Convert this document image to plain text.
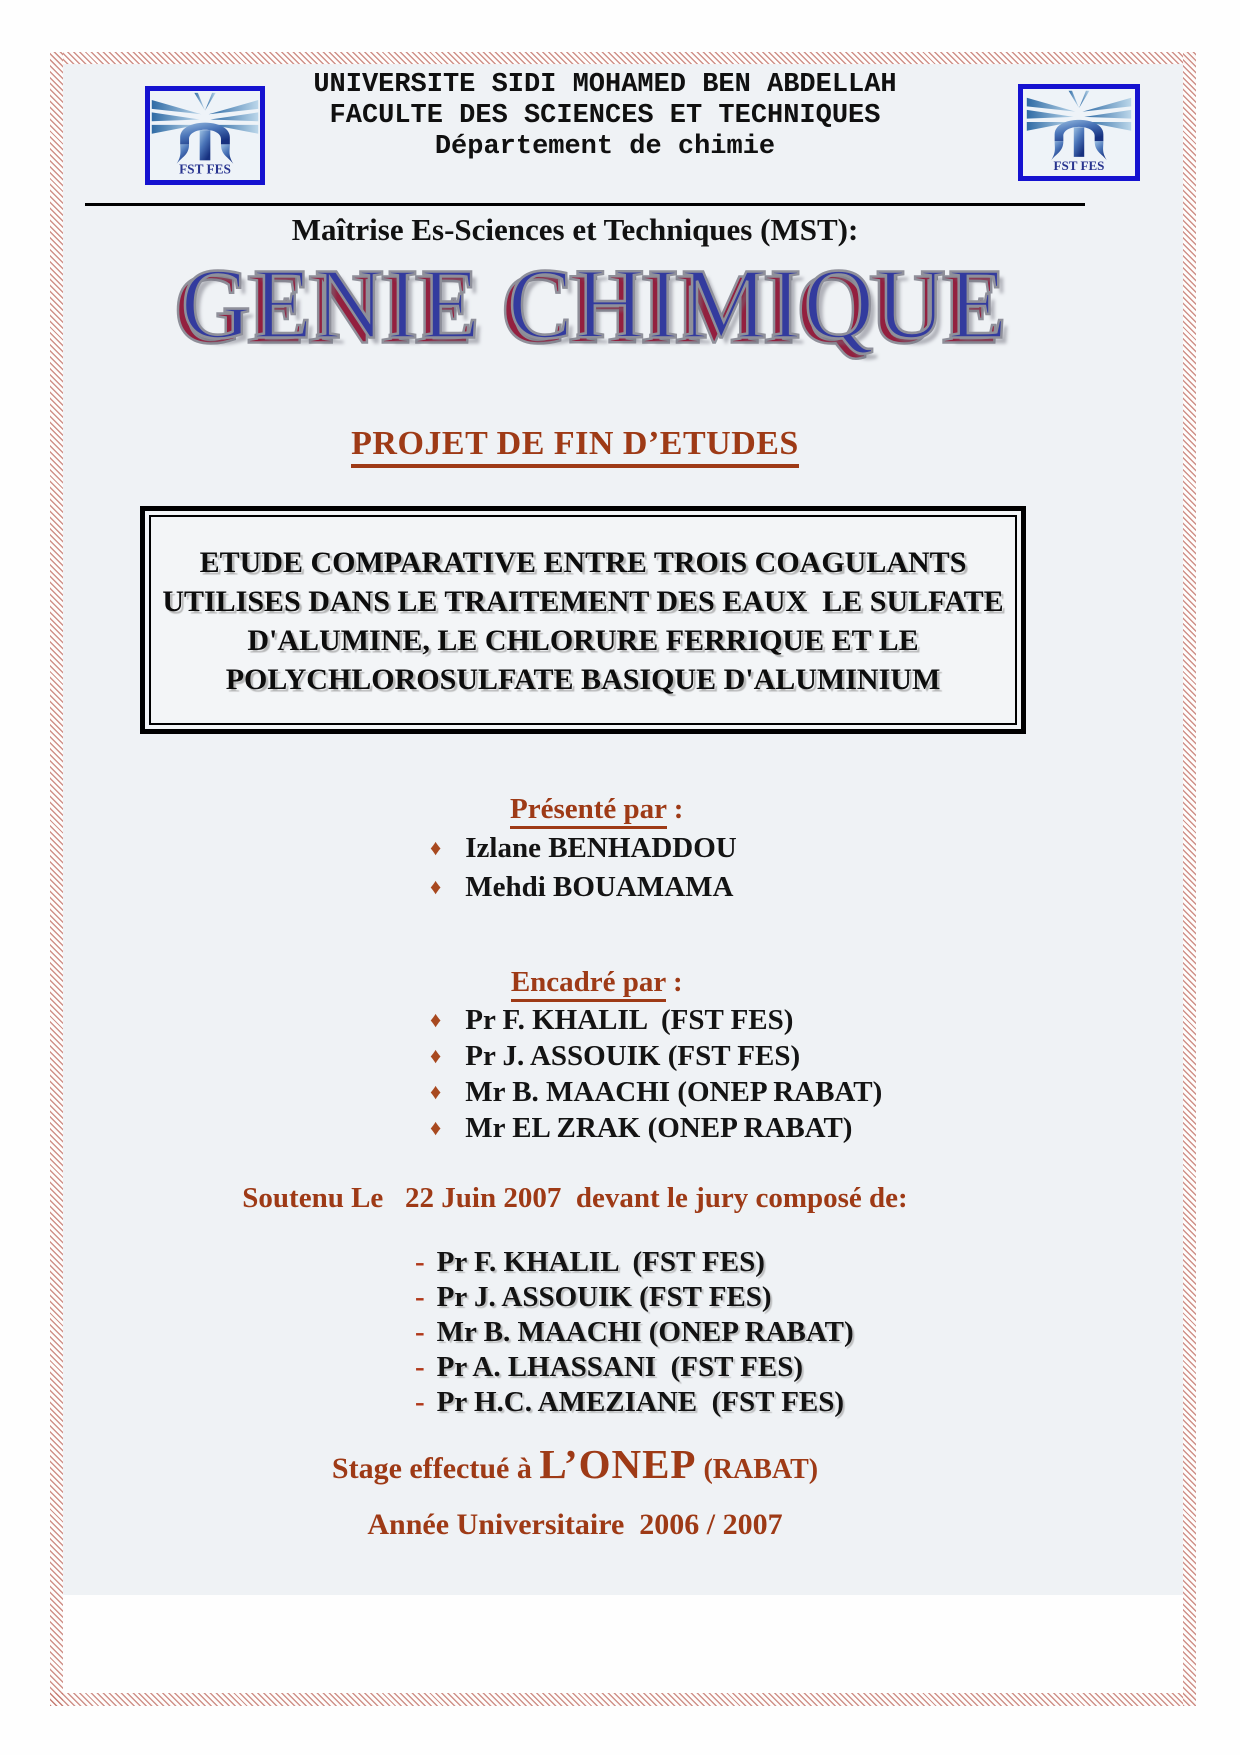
FST FES	FST FES
UNIVERSITE SIDI MOHAMED BEN ABDELLAH
FACULTE DES SCIENCES ET TECHNIQUES
Département de chimie
Maîtrise Es-Sciences et Techniques (MST):
GENIE CHIMIQUE GENIE CHIMIQUE
PROJET DE FIN D’ETUDES
ETUDE COMPARATIVE ENTRE TROIS COAGULANTS
UTILISES DANS LE TRAITEMENT DES EAUX  LE SULFATE
D'ALUMINE, LE CHLORURE FERRIQUE ET LE
POLYCHLOROSULFATE BASIQUE D'ALUMINIUM

Présenté par :

♦ Izlane BENHADDOU
♦ Mehdi BOUAMAMA

Encadré par :

♦ Pr F. KHALIL  (FST FES)
♦ Pr J. ASSOUIK (FST FES)
♦ Mr B. MAACHI (ONEP RABAT)
♦ Mr EL ZRAK (ONEP RABAT)
Soutenu Le   22 Juin 2007  devant le jury composé de:
- Pr F. KHALIL  (FST FES)
- Pr J. ASSOUIK (FST FES)
- Mr B. MAACHI (ONEP RABAT)
- Pr A. LHASSANI  (FST FES)
- Pr H.C. AMEZIANE  (FST FES)
Stage effectué à L’ONEP (RABAT)
Année Universitaire  2006 / 2007
